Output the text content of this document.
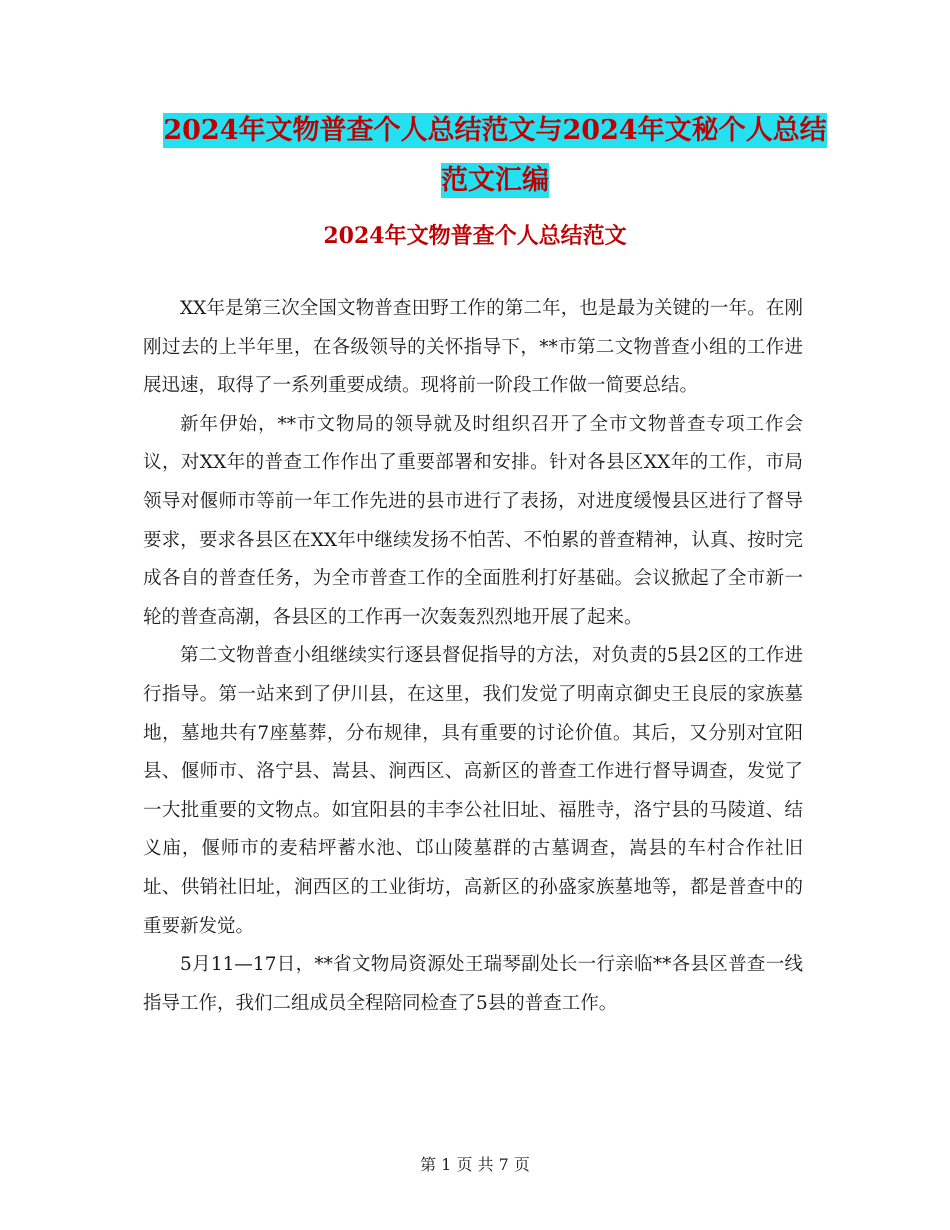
2024年文物普查个人总结范文与2024年文秘个人总结
范文汇编
2024年文物普查个人总结范文

XX年是第三次全国文物普查田野工作的第二年，也是最为关键的一年。在刚刚过去的上半年里，在各级领导的关怀指导下，**市第二文物普查小组的工作进展迅速，取得了一系列重要成绩。现将前一阶段工作做一简要总结。

新年伊始，**市文物局的领导就及时组织召开了全市文物普查专项工作会议，对XX年的普查工作作出了重要部署和安排。针对各县区XX年的工作，市局领导对偃师市等前一年工作先进的县市进行了表扬，对进度缓慢县区进行了督导要求，要求各县区在XX年中继续发扬不怕苦、不怕累的普查精神，认真、按时完成各自的普查任务，为全市普查工作的全面胜利打好基础。会议掀起了全市新一轮的普查高潮，各县区的工作再一次轰轰烈烈地开展了起来。

第二文物普查小组继续实行逐县督促指导的方法，对负责的5县2区的工作进行指导。第一站来到了伊川县，在这里，我们发觉了明南京御史王良辰的家族墓地，墓地共有7座墓葬，分布规律，具有重要的讨论价值。其后，又分别对宜阳县、偃师市、洛宁县、嵩县、涧西区、高新区的普查工作进行督导调查，发觉了一大批重要的文物点。如宜阳县的丰李公社旧址、福胜寺，洛宁县的马陵道、结义庙，偃师市的麦秸坪蓄水池、邙山陵墓群的古墓调查，嵩县的车村合作社旧址、供销社旧址，涧西区的工业街坊，高新区的孙盛家族墓地等，都是普查中的重要新发觉。

5月11—17日，**省文物局资源处王瑞琴副处长一行亲临**各县区普查一线指导工作，我们二组成员全程陪同检查了5县的普查工作。

第 1 页 共 7 页
